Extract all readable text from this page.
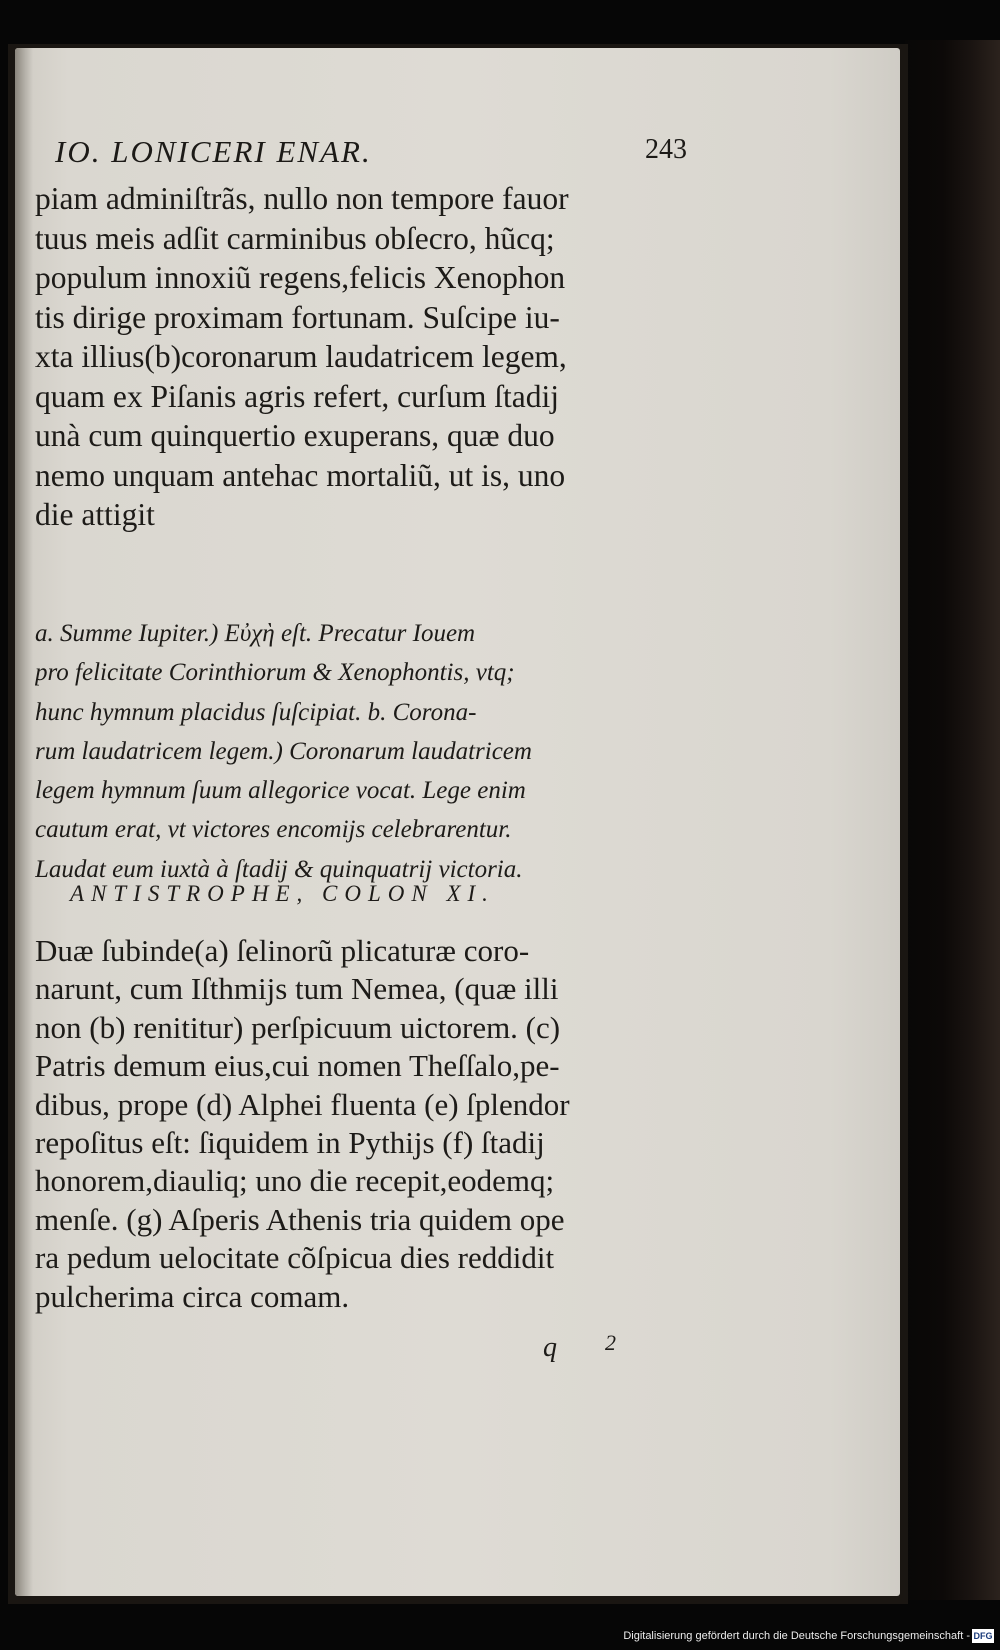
IO. LONICERI ENAR.	243
piam adminiſtrãs, nullo non tempore fauor
tuus meis adſit carminibus obſecro, hũcq;
populum innoxiũ regens,felicis Xenophon
tis dirige proximam fortunam. Suſcipe iu-
xta illius(b)coronarum laudatricem legem,
quam ex Piſanis agris refert, curſum ſtadij
unà cum quinquertio exuperans, quæ duo
nemo unquam antehac mortaliũ, ut is, uno
die attigit
a. Summe Iupiter.) Εὐχὴ eſt. Precatur Iouem
pro felicitate Corinthiorum & Xenophontis, vtq;
hunc hymnum placidus ſuſcipiat. b. Corona-
rum laudatricem legem.) Coronarum laudatricem
legem hymnum ſuum allegorice vocat. Lege enim
cautum erat, vt victores encomijs celebrarentur.
Laudat eum iuxtà à ſtadij & quinquatrij victoria.
ANTISTROPHE, COLON XI.
Duæ ſubinde(a) ſelinorũ plicaturæ coro-
narunt, cum Iſthmijs tum Nemea, (quæ illi
non (b) renititur) perſpicuum uictorem. (c)
Patris demum eius,cui nomen Theſſalo,pe-
dibus, prope (d) Alphei fluenta (e) ſplendor
repoſitus eſt: ſiquidem in Pythijs (f) ſtadij
honorem,diauliq; uno die recepit,eodemq;
menſe. (g) Aſperis Athenis tria quidem ope
ra pedum uelocitate cõſpicua dies reddidit
pulcherima circa comam.
q 2
Digitalisierung gefördert durch die Deutsche Forschungsgemeinschaft - DFG
